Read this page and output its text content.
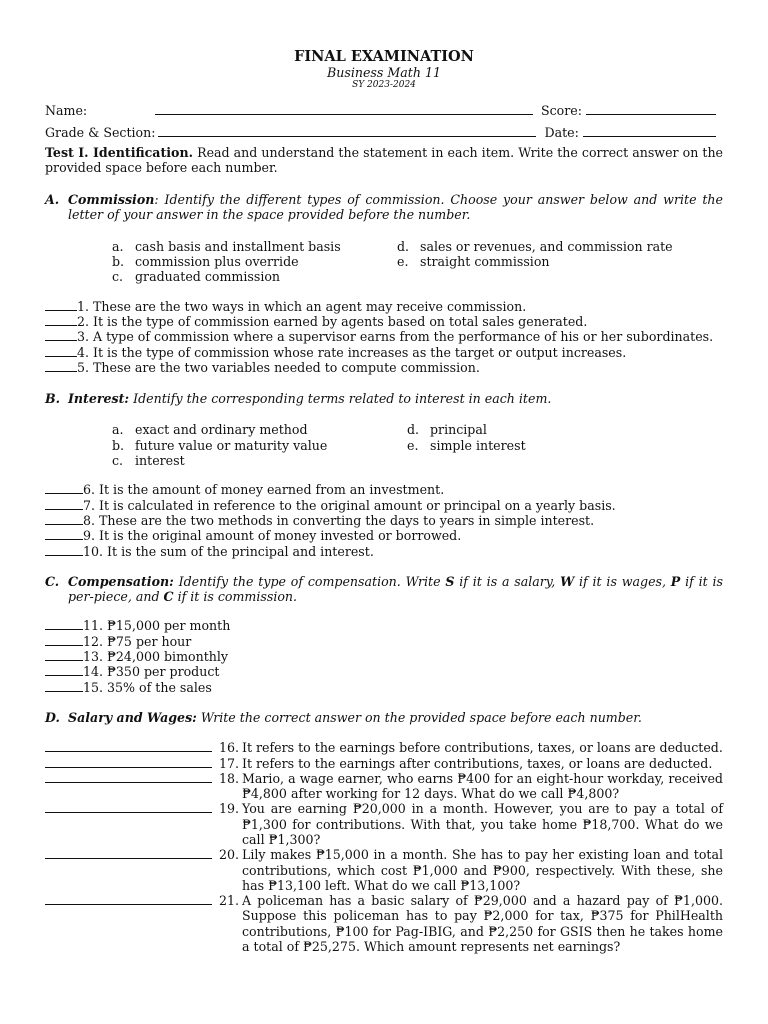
FINAL EXAMINATION
Business Math 11
SY 2023-2024
Name:	Score:
Grade & Section:	Date:
Test I. Identification. Read and understand the statement in each item. Write the correct answer on the provided space before each number.
A. Commission: Identify the different types of commission. Choose your answer below and write the letter of your answer in the space provided before the number.
a. cash basis and installment basis
b. commission plus override
c. graduated commission
d. sales or revenues, and commission rate
e. straight commission
1. These are the two ways in which an agent may receive commission.
2. It is the type of commission earned by agents based on total sales generated.
3. A type of commission where a supervisor earns from the performance of his or her subordinates.
4. It is the type of commission whose rate increases as the target or output increases.
5. These are the two variables needed to compute commission.
B. Interest: Identify the corresponding terms related to interest in each item.
a. exact and ordinary method
b. future value or maturity value
c. interest
d. principal
e. simple interest
6. It is the amount of money earned from an investment.
7. It is calculated in reference to the original amount or principal on a yearly basis.
8. These are the two methods in converting the days to years in simple interest.
9. It is the original amount of money invested or borrowed.
10. It is the sum of the principal and interest.
C. Compensation: Identify the type of compensation. Write S if it is a salary, W if it is wages, P if it is per-piece, and C if it is commission.
11. ₱15,000 per month
12. ₱75 per hour
13. ₱24,000 bimonthly
14. ₱350 per product
15. 35% of the sales
D. Salary and Wages: Write the correct answer on the provided space before each number.
16. It refers to the earnings before contributions, taxes, or loans are deducted.
17. It refers to the earnings after contributions, taxes, or loans are deducted.
18. Mario, a wage earner, who earns ₱400 for an eight-hour workday, received ₱4,800 after working for 12 days. What do we call ₱4,800?
19. You are earning ₱20,000 in a month. However, you are to pay a total of ₱1,300 for contributions. With that, you take home ₱18,700. What do we call ₱1,300?
20. Lily makes ₱15,000 in a month. She has to pay her existing loan and total contributions, which cost ₱1,000 and ₱900, respectively. With these, she has ₱13,100 left. What do we call ₱13,100?
21. A policeman has a basic salary of ₱29,000 and a hazard pay of ₱1,000. Suppose this policeman has to pay ₱2,000 for tax, ₱375 for PhilHealth contributions, ₱100 for Pag-IBIG, and ₱2,250 for GSIS then he takes home a total of ₱25,275. Which amount represents net earnings?
